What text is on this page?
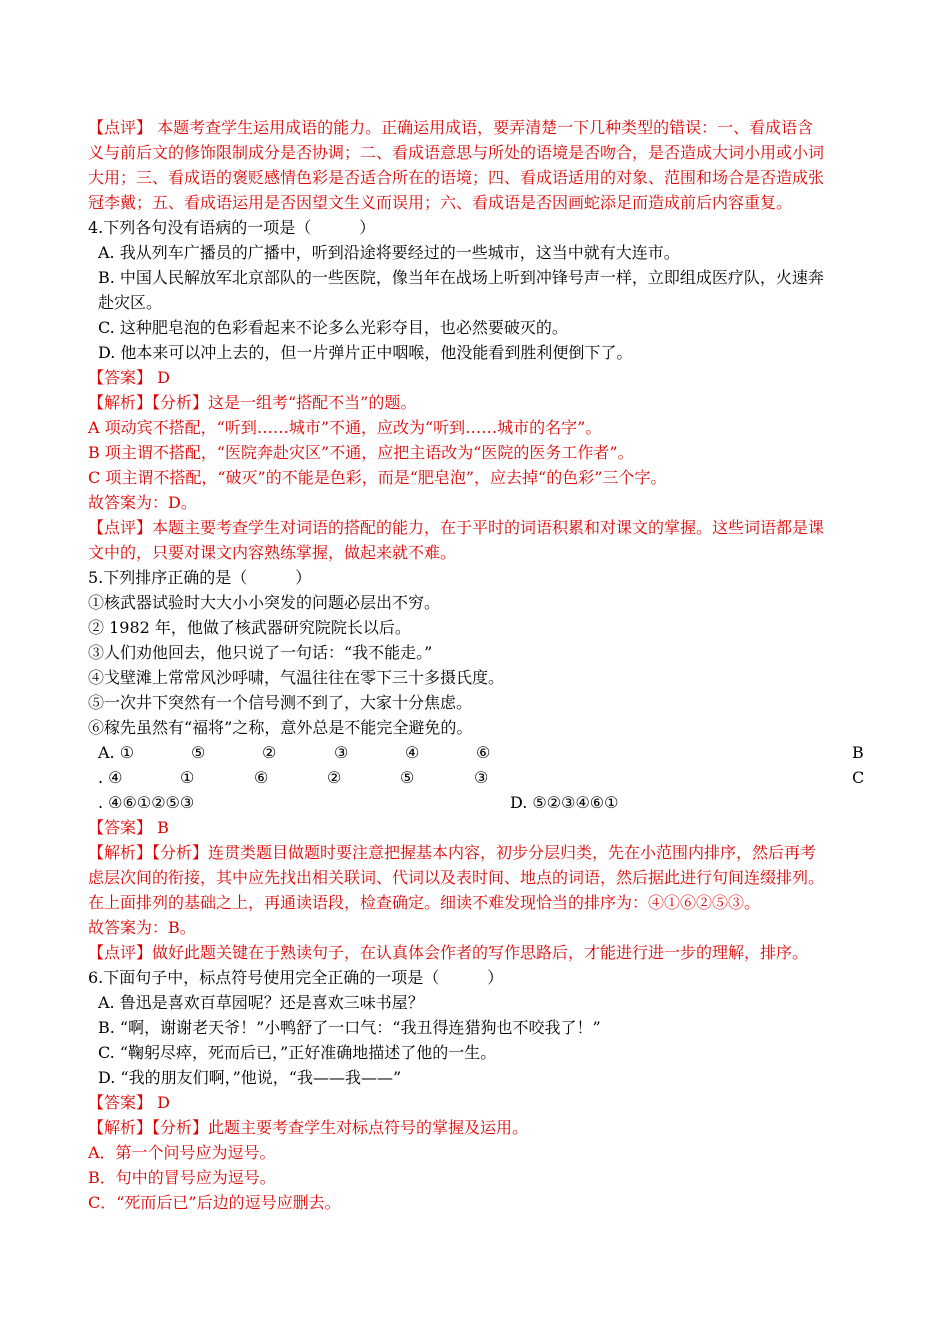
【点评】 本题考查学生运用成语的能力。正确运用成语，要弄清楚一下几种类型的错误：一、看成语含
义与前后文的修饰限制成分是否协调；二、看成语意思与所处的语境是否吻合，是否造成大词小用或小词
大用；三、看成语的褒贬感情色彩是否适合所在的语境；四、看成语适用的对象、范围和场合是否造成张
冠李戴；五、看成语运用是否因望文生义而误用；六、看成语是否因画蛇添足而造成前后内容重复。
4.下列各句没有语病的一项是（　　　）
A. 我从列车广播员的广播中，听到沿途将要经过的一些城市，这当中就有大连市。
B. 中国人民解放军北京部队的一些医院，像当年在战场上听到冲锋号声一样，立即组成医疗队，火速奔
赴灾区。
C. 这种肥皂泡的色彩看起来不论多么光彩夺目，也必然要破灭的。
D. 他本来可以冲上去的，但一片弹片正中咽喉，他没能看到胜利便倒下了。
【答案】 D
【解析】【分析】这是一组考“搭配不当”的题。
A 项动宾不搭配，“听到……城市”不通，应改为“听到……城市的名字”。
B 项主谓不搭配，“医院奔赴灾区”不通，应把主语改为“医院的医务工作者”。
C 项主谓不搭配，“破灭”的不能是色彩，而是“肥皂泡”，应去掉“的色彩”三个字。
故答案为：D。
【点评】本题主要考查学生对词语的搭配的能力，在于平时的词语积累和对课文的掌握。这些词语都是课
文中的，只要对课文内容熟练掌握，做起来就不难。
5.下列排序正确的是（　　　）
①核武器试验时大大小小突发的问题必层出不穷。
② 1982 年，他做了核武器研究院院长以后。
③人们劝他回去，他只说了一句话：“我不能走。”
④戈壁滩上常常风沙呼啸，气温往往在零下三十多摄氏度。
⑤一次井下突然有一个信号测不到了，大家十分焦虑。
⑥稼先虽然有“福将”之称，意外总是不能完全避免的。
A. ①	⑤	②	③	④	⑥	B
. ④	①	⑥	②	⑤	③	C
. ④⑥①②⑤③	D. ⑤②③④⑥①
【答案】 B
【解析】【分析】连贯类题目做题时要注意把握基本内容，初步分层归类，先在小范围内排序，然后再考
虑层次间的衔接，其中应先找出相关联词、代词以及表时间、地点的词语，然后据此进行句间连缀排列。
在上面排列的基础之上，再通读语段，检查确定。细读不难发现恰当的排序为：④①⑥②⑤③。
故答案为：B。
【点评】做好此题关键在于熟读句子，在认真体会作者的写作思路后，才能进行进一步的理解，排序。
6.下面句子中，标点符号使用完全正确的一项是（　　　）
A. 鲁迅是喜欢百草园呢？还是喜欢三味书屋？
B. “啊，谢谢老天爷！”小鸭舒了一口气：“我丑得连猎狗也不咬我了！”
C. “鞠躬尽瘁，死而后已，”正好准确地描述了他的一生。
D. “我的朋友们啊，”他说，“我——我——”
【答案】 D
【解析】【分析】此题主要考查学生对标点符号的掌握及运用。
A．第一个问号应为逗号。
B．句中的冒号应为逗号。
C．“死而后已”后边的逗号应删去。
